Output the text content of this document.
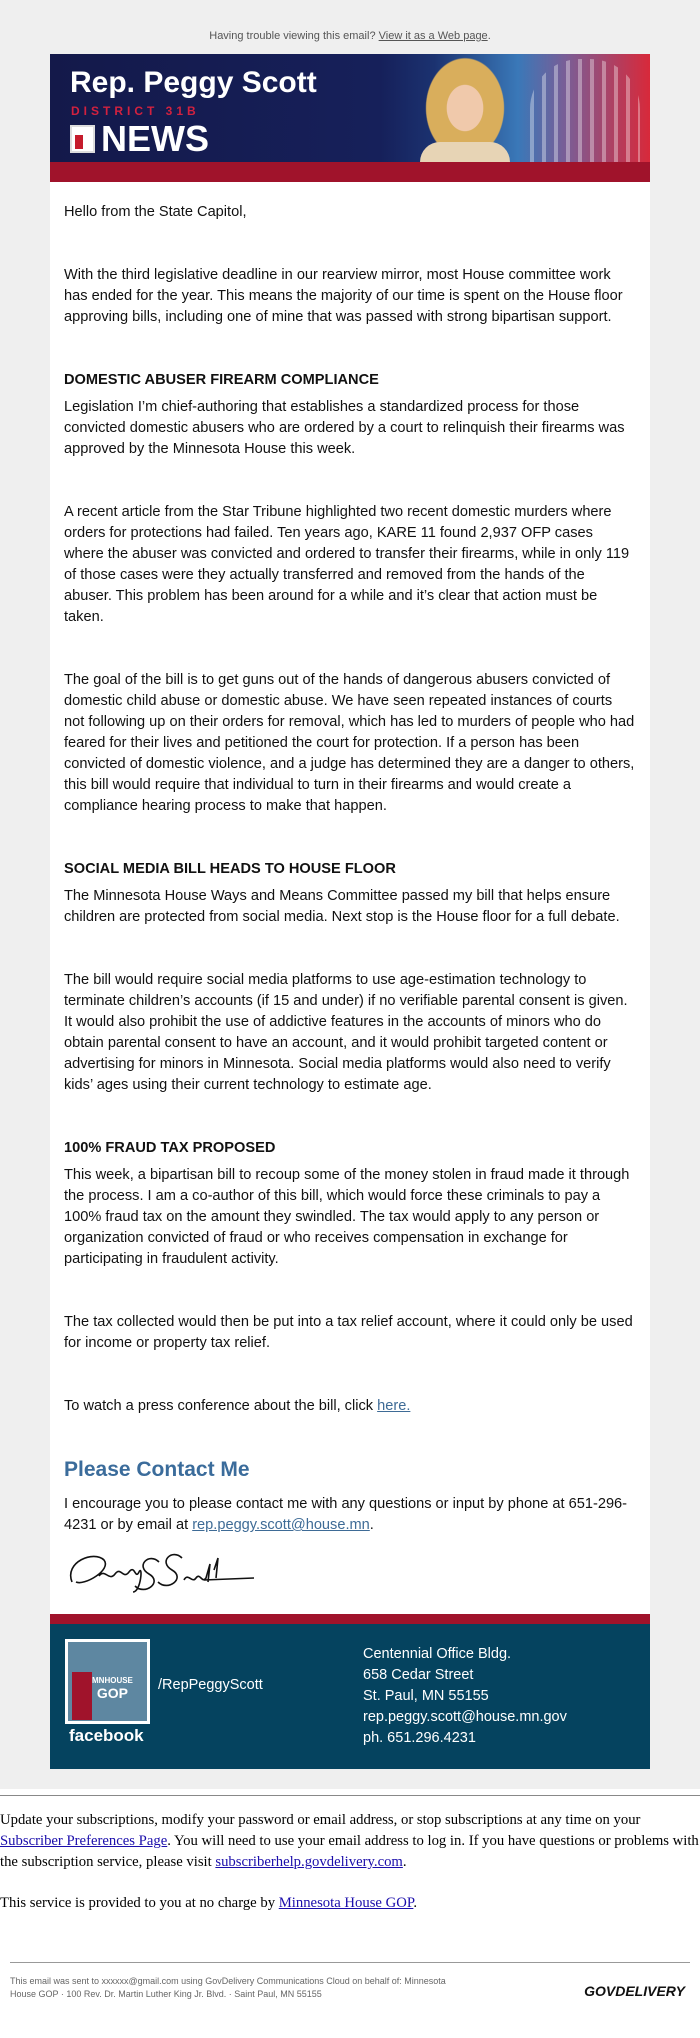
Having trouble viewing this email? View it as a Web page.
Rep. Peggy Scott
DISTRICT 31B
NEWS

Hello from the State Capitol,

With the third legislative deadline in our rearview mirror, most House committee work has ended for the year. This means the majority of our time is spent on the House floor approving bills, including one of mine that was passed with strong bipartisan support.

DOMESTIC ABUSER FIREARM COMPLIANCE

Legislation I’m chief-authoring that establishes a standardized process for those convicted domestic abusers who are ordered by a court to relinquish their firearms was approved by the Minnesota House this week.

A recent article from the Star Tribune highlighted two recent domestic murders where orders for protections had failed. Ten years ago, KARE 11 found 2,937 OFP cases where the abuser was convicted and ordered to transfer their firearms, while in only 119 of those cases were they actually transferred and removed from the hands of the abuser. This problem has been around for a while and it’s clear that action must be taken.

The goal of the bill is to get guns out of the hands of dangerous abusers convicted of domestic child abuse or domestic abuse. We have seen repeated instances of courts not following up on their orders for removal, which has led to murders of people who had feared for their lives and petitioned the court for protection. If a person has been convicted of domestic violence, and a judge has determined they are a danger to others, this bill would require that individual to turn in their firearms and would create a compliance hearing process to make that happen.

SOCIAL MEDIA BILL HEADS TO HOUSE FLOOR

The Minnesota House Ways and Means Committee passed my bill that helps ensure children are protected from social media. Next stop is the House floor for a full debate.

The bill would require social media platforms to use age-estimation technology to terminate children’s accounts (if 15 and under) if no verifiable parental consent is given. It would also prohibit the use of addictive features in the accounts of minors who do obtain parental consent to have an account, and it would prohibit targeted content or advertising for minors in Minnesota. Social media platforms would also need to verify kids’ ages using their current technology to estimate age.

100% FRAUD TAX PROPOSED

This week, a bipartisan bill to recoup some of the money stolen in fraud made it through the process. I am a co-author of this bill, which would force these criminals to pay a 100% fraud tax on the amount they swindled. The tax would apply to any person or organization convicted of fraud or who receives compensation in exchange for participating in fraudulent activity.

The tax collected would then be put into a tax relief account, where it could only be used for income or property tax relief.

To watch a press conference about the bill, click here.

Please Contact Me

I encourage you to please contact me with any questions or input by phone at 651-296-4231 or by email at rep.peggy.scott@house.mn.

MNHOUSE
GOP
facebook
/RepPeggyScott
Centennial Office Bldg.
658 Cedar Street
St. Paul, MN 55155
rep.peggy.scott@house.mn.gov
ph. 651.296.4231

Update your subscriptions, modify your password or email address, or stop subscriptions at any time on your Subscriber Preferences Page. You will need to use your email address to log in. If you have questions or problems with the subscription service, please visit subscriberhelp.govdelivery.com.

This service is provided to you at no charge by Minnesota House GOP.

This email was sent to xxxxxx@gmail.com using GovDelivery Communications Cloud on behalf of: Minnesota House GOP · 100 Rev. Dr. Martin Luther King Jr. Blvd. · Saint Paul, MN 55155	GOVDELIVERY
